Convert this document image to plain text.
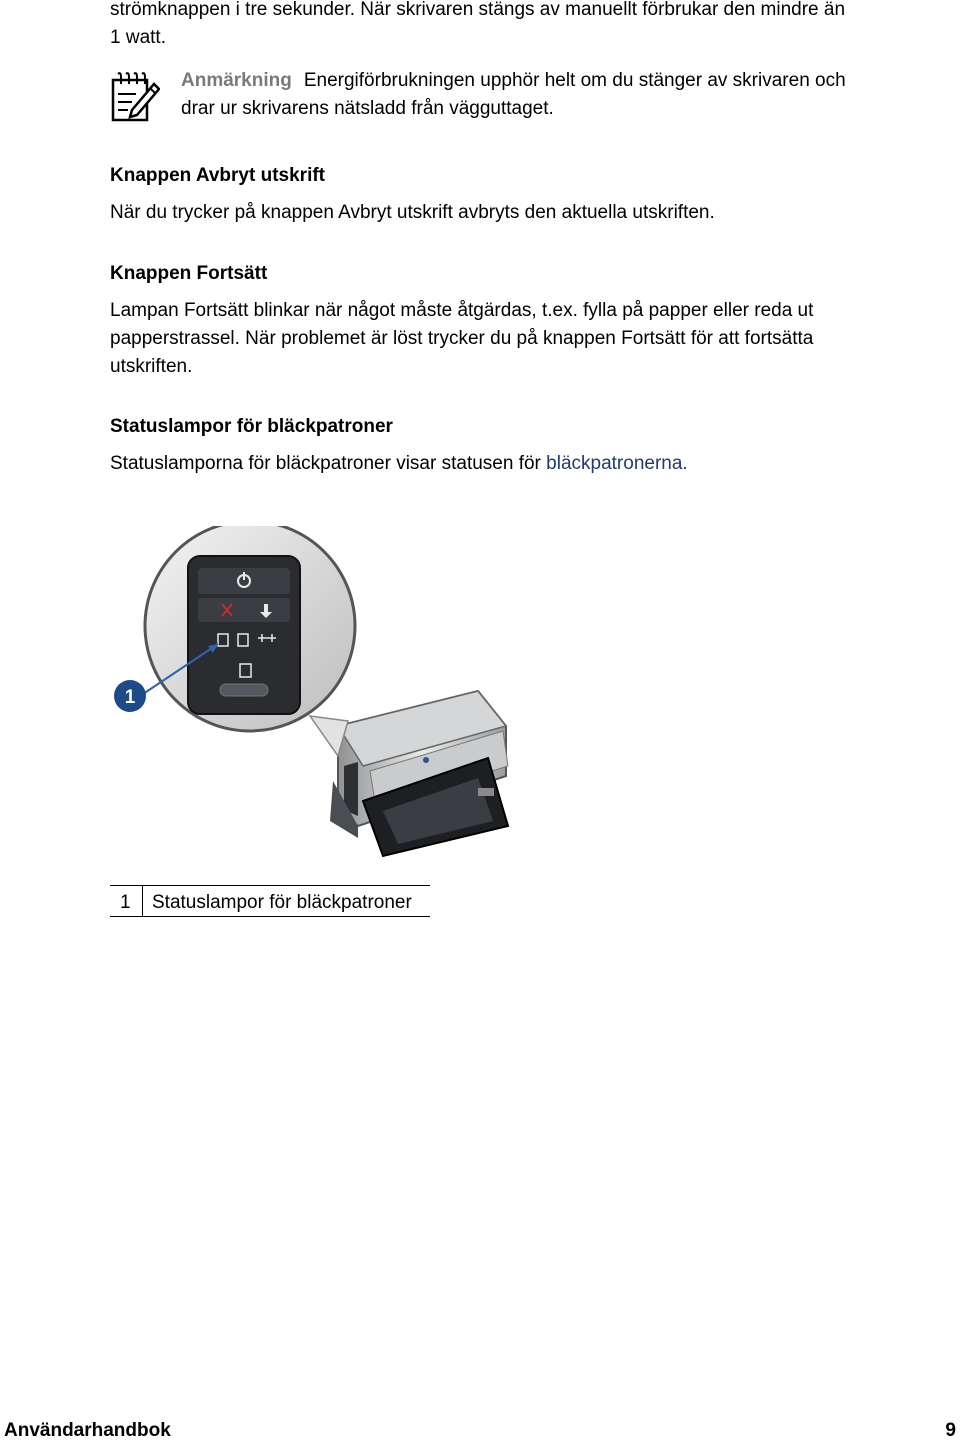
strömknappen i tre sekunder. När skrivaren stängs av manuellt förbrukar den mindre än
1 watt.
Anmärkning Energiförbrukningen upphör helt om du stänger av skrivaren och
drar ur skrivarens nätsladd från vägguttaget.
Knappen Avbryt utskrift

När du trycker på knappen Avbryt utskrift avbryts den aktuella utskriften.

Knappen Fortsätt

Lampan Fortsätt blinkar när något måste åtgärdas, t.ex. fylla på papper eller reda ut
papperstrassel. När problemet är löst trycker du på knappen Fortsätt för att fortsätta
utskriften.

Statuslampor för bläckpatroner

Statuslamporna för bläckpatroner visar statusen för bläckpatronerna.

1
1 Statuslampor för bläckpatroner
Användarhandbok	9
